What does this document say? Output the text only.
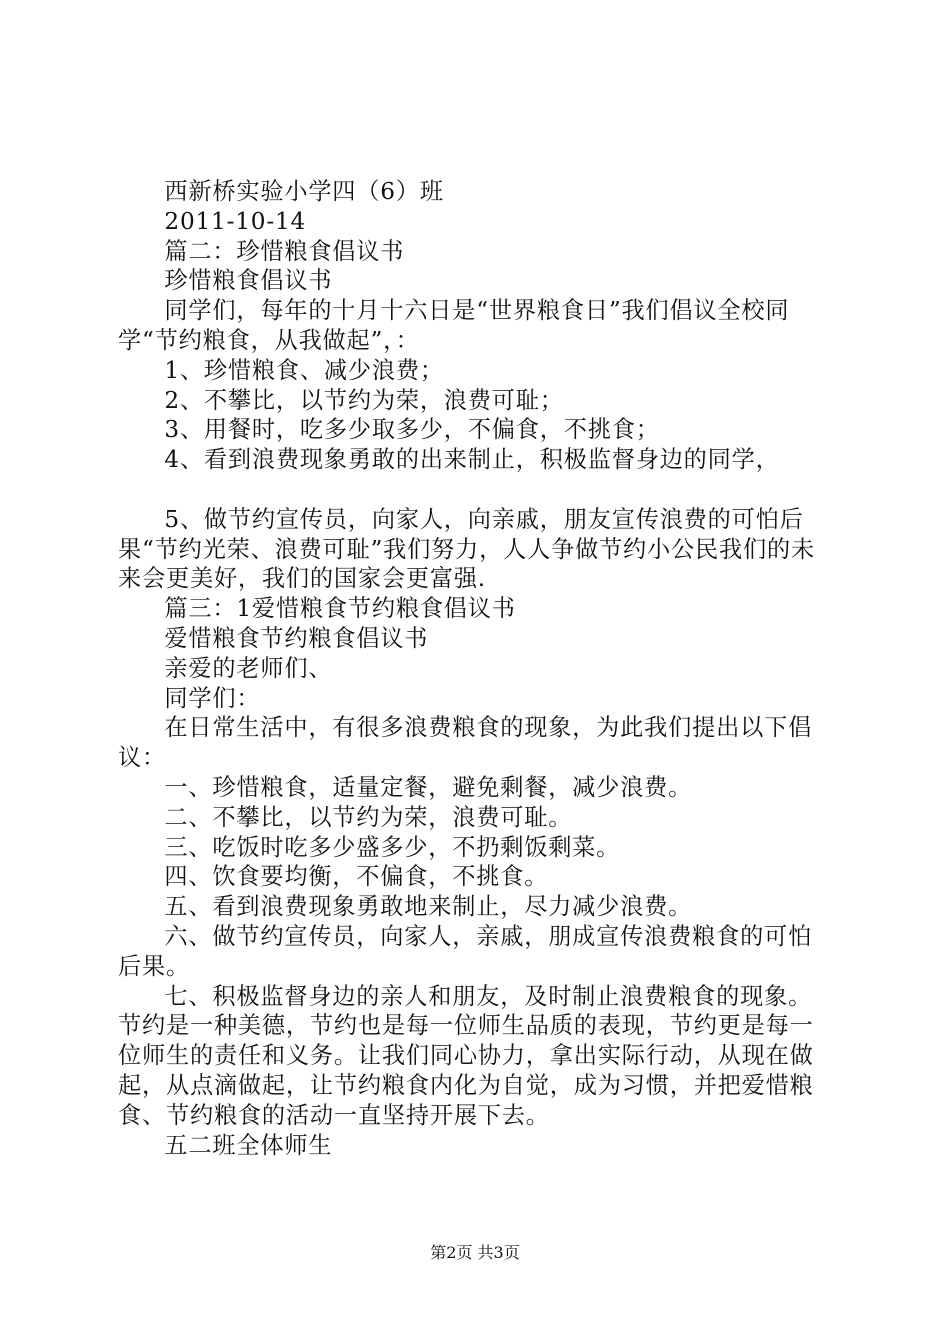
西新桥实验小学四（6）班

2011-10-14

篇二：珍惜粮食倡议书

珍惜粮食倡议书

同学们，每年的十月十六日是“世界粮食日”我们倡议全校同学“节约粮食，从我做起”，：

1、珍惜粮食、减少浪费；

2、不攀比，以节约为荣，浪费可耻；

3、用餐时，吃多少取多少，不偏食，不挑食；

4、看到浪费现象勇敢的出来制止，积极监督身边的同学，

5、做节约宣传员，向家人，向亲戚，朋友宣传浪费的可怕后果“节约光荣、浪费可耻”我们努力，人人争做节约小公民我们的未来会更美好，我们的国家会更富强.

篇三：1爱惜粮食节约粮食倡议书

爱惜粮食节约粮食倡议书

亲爱的老师们、

同学们：

在日常生活中，有很多浪费粮食的现象，为此我们提出以下倡议：

一、珍惜粮食，适量定餐，避免剩餐，减少浪费。

二、不攀比，以节约为荣，浪费可耻。

三、吃饭时吃多少盛多少，不扔剩饭剩菜。

四、饮食要均衡，不偏食，不挑食。

五、看到浪费现象勇敢地来制止，尽力减少浪费。

六、做节约宣传员，向家人，亲戚，朋成宣传浪费粮食的可怕后果。

七、积极监督身边的亲人和朋友，及时制止浪费粮食的现象。节约是一种美德，节约也是每一位师生品质的表现，节约更是每一位师生的责任和义务。让我们同心协力，拿出实际行动，从现在做起，从点滴做起，让节约粮食内化为自觉，成为习惯，并把爱惜粮食、节约粮食的活动一直坚持开展下去。

五二班全体师生

第2页 共3页
